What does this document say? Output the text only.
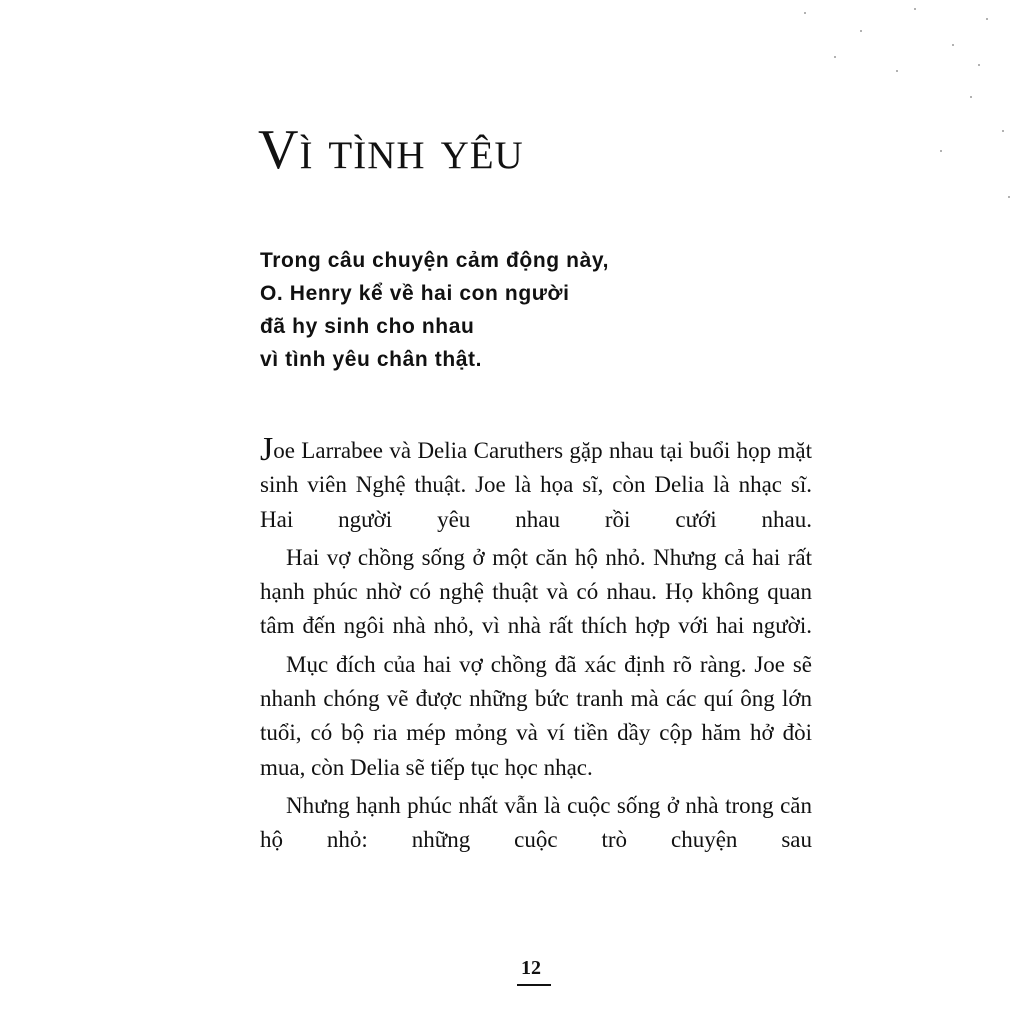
Vì tình yêu
Trong câu chuyện cảm động này,
O. Henry kể về hai con người
đã hy sinh cho nhau
vì tình yêu chân thật.

Joe Larrabee và Delia Caruthers gặp nhau tại buổi họp mặt sinh viên Nghệ thuật. Joe là họa sĩ, còn Delia là nhạc sĩ. Hai người yêu nhau rồi cưới nhau.

Hai vợ chồng sống ở một căn hộ nhỏ. Nhưng cả hai rất hạnh phúc nhờ có nghệ thuật và có nhau. Họ không quan tâm đến ngôi nhà nhỏ, vì nhà rất thích hợp với hai người.

Mục đích của hai vợ chồng đã xác định rõ ràng. Joe sẽ nhanh chóng vẽ được những bức tranh mà các quí ông lớn tuổi, có bộ ria mép mỏng và ví tiền dầy cộp hăm hở đòi mua, còn Delia sẽ tiếp tục học nhạc.

Nhưng hạnh phúc nhất vẫn là cuộc sống ở nhà trong căn hộ nhỏ: những cuộc trò chuyện sau

12
